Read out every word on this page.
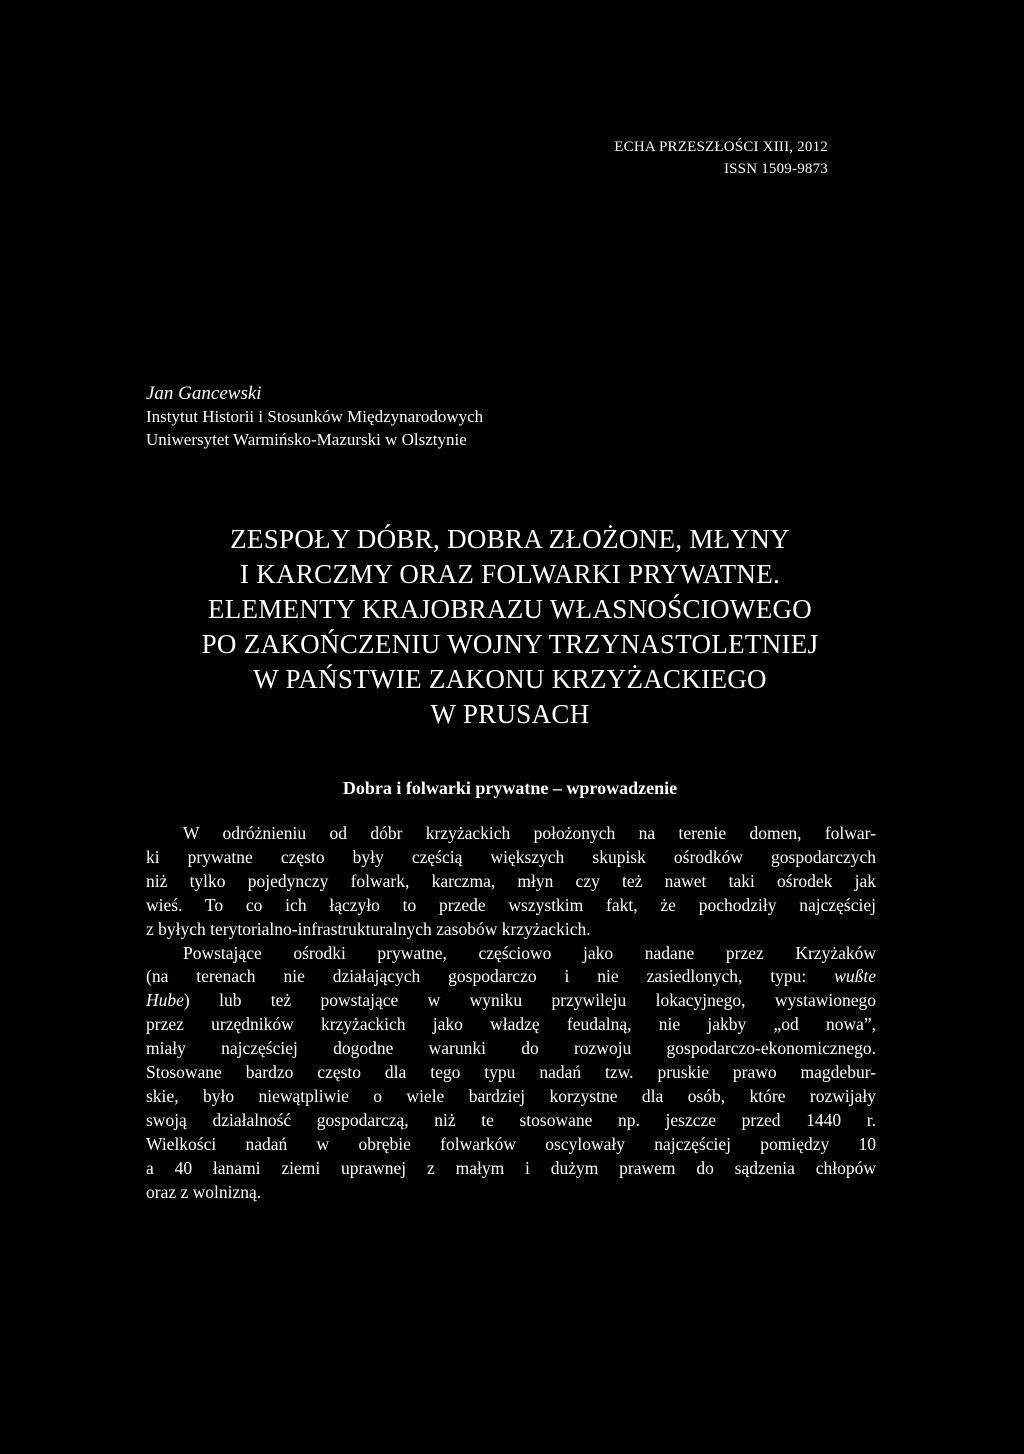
ECHA PRZESZŁOŚCI XIII, 2012
ISSN 1509-9873
Jan Gancewski
Instytut Historii i Stosunków Międzynarodowych
Uniwersytet Warmińsko-Mazurski w Olsztynie
ZESPOŁY DÓBR, DOBRA ZŁOŻONE, MŁYNY
I KARCZMY ORAZ FOLWARKI PRYWATNE.
ELEMENTY KRAJOBRAZU WŁASNOŚCIOWEGO
PO ZAKOŃCZENIU WOJNY TRZYNASTOLETNIEJ
W PAŃSTWIE ZAKONU KRZYŻACKIEGO
W PRUSACH
Dobra i folwarki prywatne – wprowadzenie
W odróżnieniu od dóbr krzyżackich położonych na terenie domen, folwar-
ki prywatne często były częścią większych skupisk ośrodków gospodarczych
niż tylko pojedynczy folwark, karczma, młyn czy też nawet taki ośrodek jak
wieś. To co ich łączyło to przede wszystkim fakt, że pochodziły najczęściej
z byłych terytorialno-infrastrukturalnych zasobów krzyżackich.
Powstające ośrodki prywatne, częściowo jako nadane przez Krzyżaków
(na terenach nie działających gospodarczo i nie zasiedlonych, typu: wußte
Hube) lub też powstające w wyniku przywileju lokacyjnego, wystawionego
przez urzędników krzyżackich jako władzę feudalną, nie jakby „od nowa”,
miały najczęściej dogodne warunki do rozwoju gospodarczo-ekonomicznego.
Stosowane bardzo często dla tego typu nadań tzw. pruskie prawo magdebur-
skie, było niewątpliwie o wiele bardziej korzystne dla osób, które rozwijały
swoją działalność gospodarczą, niż te stosowane np. jeszcze przed 1440 r.
Wielkości nadań w obrębie folwarków oscylowały najczęściej pomiędzy 10
a 40 łanami ziemi uprawnej z małym i dużym prawem do sądzenia chłopów
oraz z wolnizną.
